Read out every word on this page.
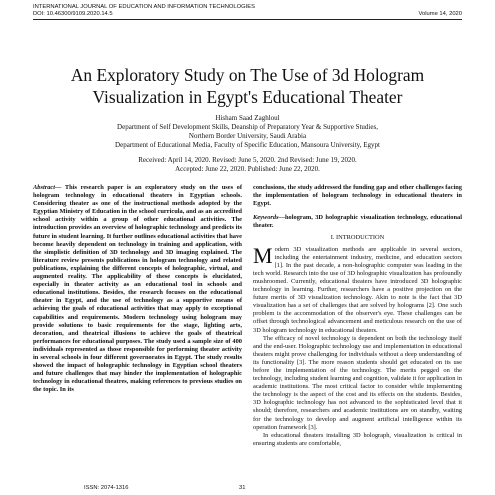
INTERNATIONAL JOURNAL OF EDUCATION AND INFORMATION TECHNOLOGIES
DOI: 10.46300/9109.2020.14.5	Volume 14, 2020
An Exploratory Study on The Use of 3d Hologram
Visualization in Egypt's Educational Theater
Hisham Saad Zaghloul
Department of Self Development Skills, Deanship of Preparatory Year & Supportive Studies,
Northern Border University, Saudi Arabia
Department of Educational Media, Faculty of Specific Education, Mansoura University, Egypt
Received: April 14, 2020. Revised: June 5, 2020. 2nd Revised: June 19, 2020.
Accepted: June 22, 2020. Published: June 22, 2020.

Abstract— This research paper is an exploratory study on the uses of hologram technology in educational theaters in Egyptian schools. Considering theater as one of the instructional methods adopted by the Egyptian Ministry of Education in the school curricula, and as an accredited school activity within a group of other educational activities. The introduction provides an overview of holographic technology and predicts its future in student learning. It further outlines educational activities that have become heavily dependent on technology in training and application, with the simplistic definition of 3D technology and 3D imaging explained. The literature review presents publications in hologram technology and related publications, explaining the different concepts of holographic, virtual, and augmented reality. The applicability of these concepts is elucidated, especially in theater activity as an educational tool in schools and educational institutions. Besides, the research focuses on the educational theater in Egypt, and the use of technology as a supportive means of achieving the goals of educational activities that may apply to exceptional capabilities and requirements. Modern technology using hologram may provide solutions to basic requirements for the stage, lighting arts, decoration, and theatrical illusions to achieve the goals of theatrical performances for educational purposes. The study used a sample size of 400 individuals represented as those responsible for performing theater activity in several schools in four different governorates in Egypt. The study results showed the impact of holographic technology in Egyptian school theaters and future challenges that may hinder the implementation of holographic technology in educational theatres, making references to previous studies on the topic. In its

conclusions, the study addressed the funding gap and other challenges facing the implementation of hologram technology in educational theaters in Egypt.

Keywords—hologram, 3D holographic visualization technology, educational theater.

I. INTRODUCTION

Modern 3D visualization methods are applicable in several sectors, including the entertainment industry, medicine, and education sectors [1]. In the past decade, a non-holographic computer was leading in the tech world. Research into the use of 3D holographic visualization has profoundly mushroomed. Currently, educational theaters have introduced 3D holographic technology in learning. Further, researchers have a positive projection on the future merits of 3D visualization technology. Akin to note is the fact that 3D visualization has a set of challenges that are solved by holograms [2]. One such problem is the accommodation of the observer's eye. These challenges can be offset through technological advancement and meticulous research on the use of 3D hologram technology in educational theaters.

The efficacy of novel technology is dependent on both the technology itself and the end-user. Holographic technology use and implementation in educational theaters might prove challenging for individuals without a deep understanding of its functionality [3]. The more reason students should get educated on its use before the implementation of the technology. The merits pegged on the technology, including student learning and cognition, validate it for application in academic institutions. The most critical factor to consider while implementing the technology is the aspect of the cost and its effects on the students. Besides, 3D holographic technology has not advanced to the sophisticated level that it should; therefore, researchers and academic institutions are on standby, waiting for the technology to develop and augment artificial intelligence within its operation framework [3].

In educational theaters installing 3D holograph, visualization is critical in ensuring students are comfortable,

ISSN: 2074-1316	31
